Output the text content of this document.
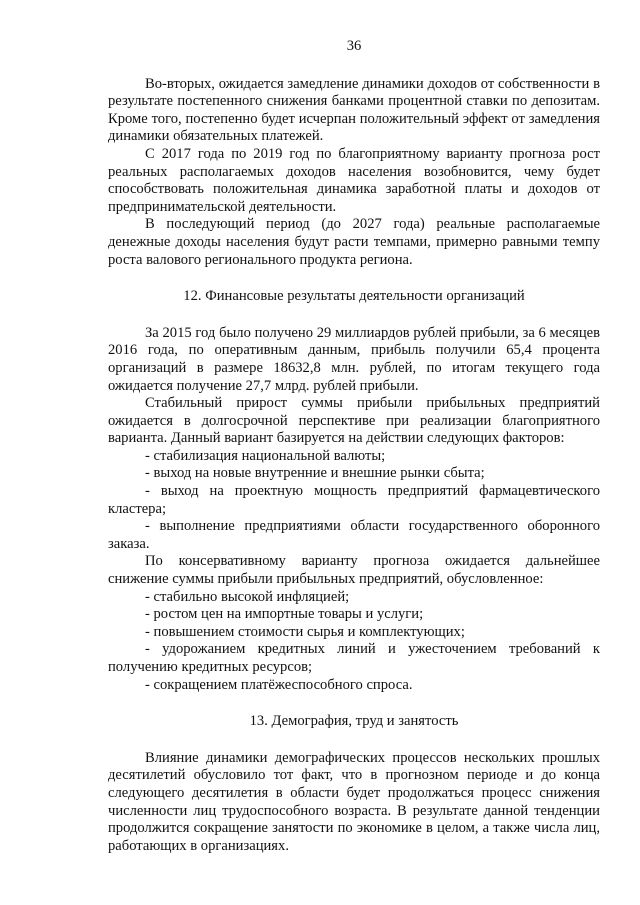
36

Во-вторых, ожидается замедление динамики доходов от собственности в результате постепенного снижения банками процентной ставки по депозитам. Кроме того, постепенно будет исчерпан положительный эффект от замедления динамики обязательных платежей.

С 2017 года по 2019 год по благоприятному варианту прогноза рост реальных располагаемых доходов населения возобновится, чему будет способствовать положительная динамика заработной платы и доходов от предпринимательской деятельности.

В последующий период (до 2027 года) реальные располагаемые денежные доходы населения будут расти темпами, примерно равными темпу роста валового регионального продукта региона.

12. Финансовые результаты деятельности организаций

За 2015 год было получено 29 миллиардов рублей прибыли, за 6 месяцев 2016 года, по оперативным данным, прибыль получили 65,4 процента организаций в размере 18632,8 млн. рублей, по итогам текущего года ожидается получение 27,7 млрд. рублей прибыли.

Стабильный прирост суммы прибыли прибыльных предприятий ожидается в долгосрочной перспективе при реализации благоприятного варианта. Данный вариант базируется на действии следующих факторов:

- стабилизация национальной валюты;

- выход на новые внутренние и внешние рынки сбыта;

- выход на проектную мощность предприятий фармацевтического кластера;

- выполнение предприятиями области государственного оборонного заказа.

По консервативному варианту прогноза ожидается дальнейшее снижение суммы прибыли прибыльных предприятий, обусловленное:

- стабильно высокой инфляцией;

- ростом цен на импортные товары и услуги;

- повышением стоимости сырья и комплектующих;

- удорожанием кредитных линий и ужесточением требований к получению кредитных ресурсов;

- сокращением платёжеспособного спроса.

13. Демография, труд и занятость

Влияние динамики демографических процессов нескольких прошлых десятилетий обусловило тот факт, что в прогнозном периоде и до конца следующего десятилетия в области будет продолжаться процесс снижения численности лиц трудоспособного возраста. В результате данной тенденции продолжится сокращение занятости по экономике в целом, а также числа лиц, работающих в организациях.
